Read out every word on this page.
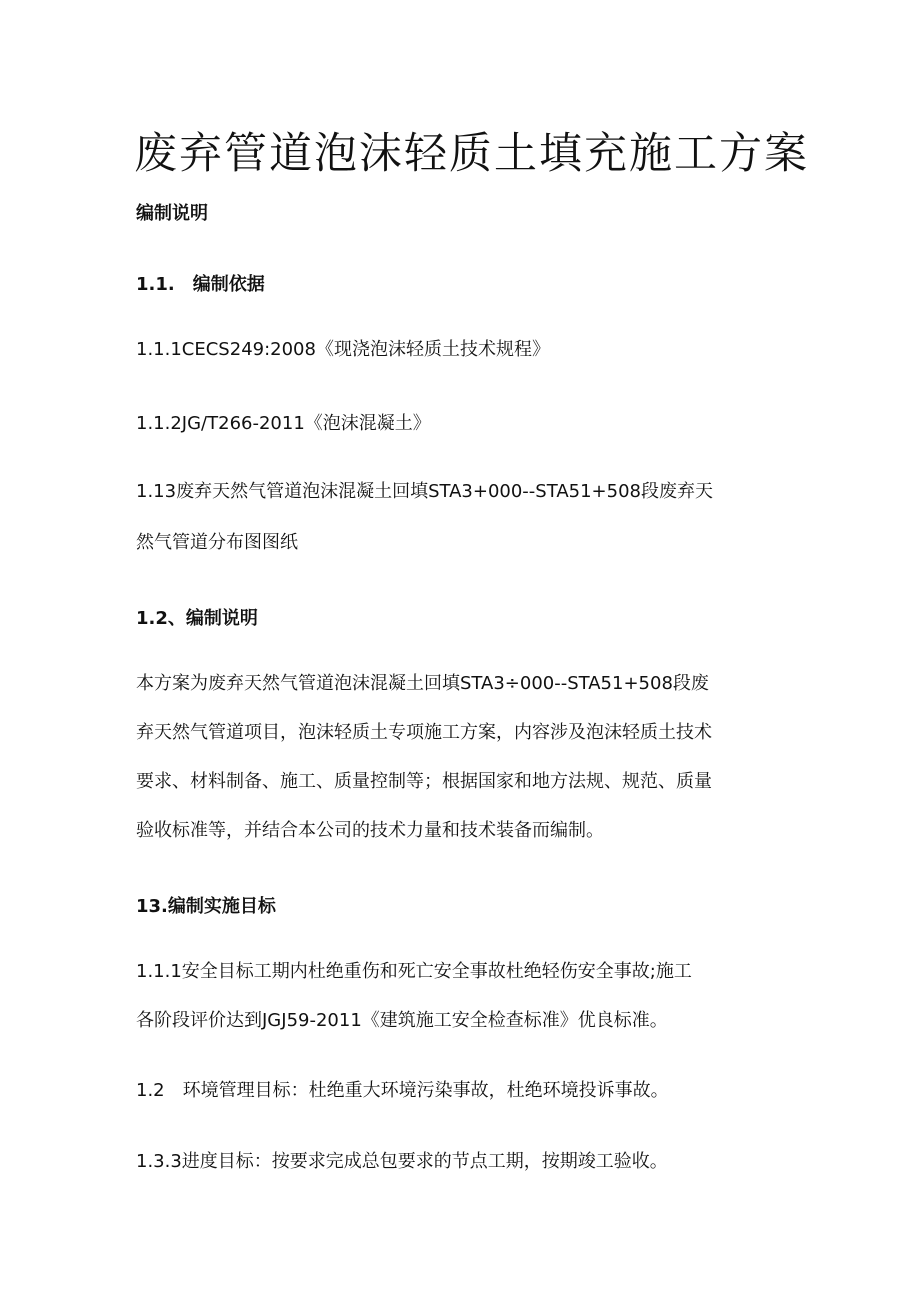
废弃管道泡沫轻质土填充施工方案
编制说明
1.1.　编制依据
1.1.1CECS249:2008《现浇泡沫轻质土技术规程》
1.1.2JG/T266-2011《泡沫混凝土》
1.13废弃天然气管道泡沫混凝土回填STA3+000--STA51+508段废弃天
然气管道分布图图纸
1.2、编制说明
本方案为废弃天然气管道泡沫混凝土回填STA3÷000--STA51+508段废
弃天然气管道项目，泡沫轻质土专项施工方案，内容涉及泡沫轻质土技术
要求、材料制备、施工、质量控制等；根据国家和地方法规、规范、质量
验收标准等，并结合本公司的技术力量和技术装备而编制。
13.编制实施目标
1.1.1安全目标工期内杜绝重伤和死亡安全事故杜绝轻伤安全事故;施工
各阶段评价达到JGJ59-2011《建筑施工安全检查标准》优良标准。
1.2　环境管理目标：杜绝重大环境污染事故，杜绝环境投诉事故。
1.3.3进度目标：按要求完成总包要求的节点工期，按期竣工验收。
